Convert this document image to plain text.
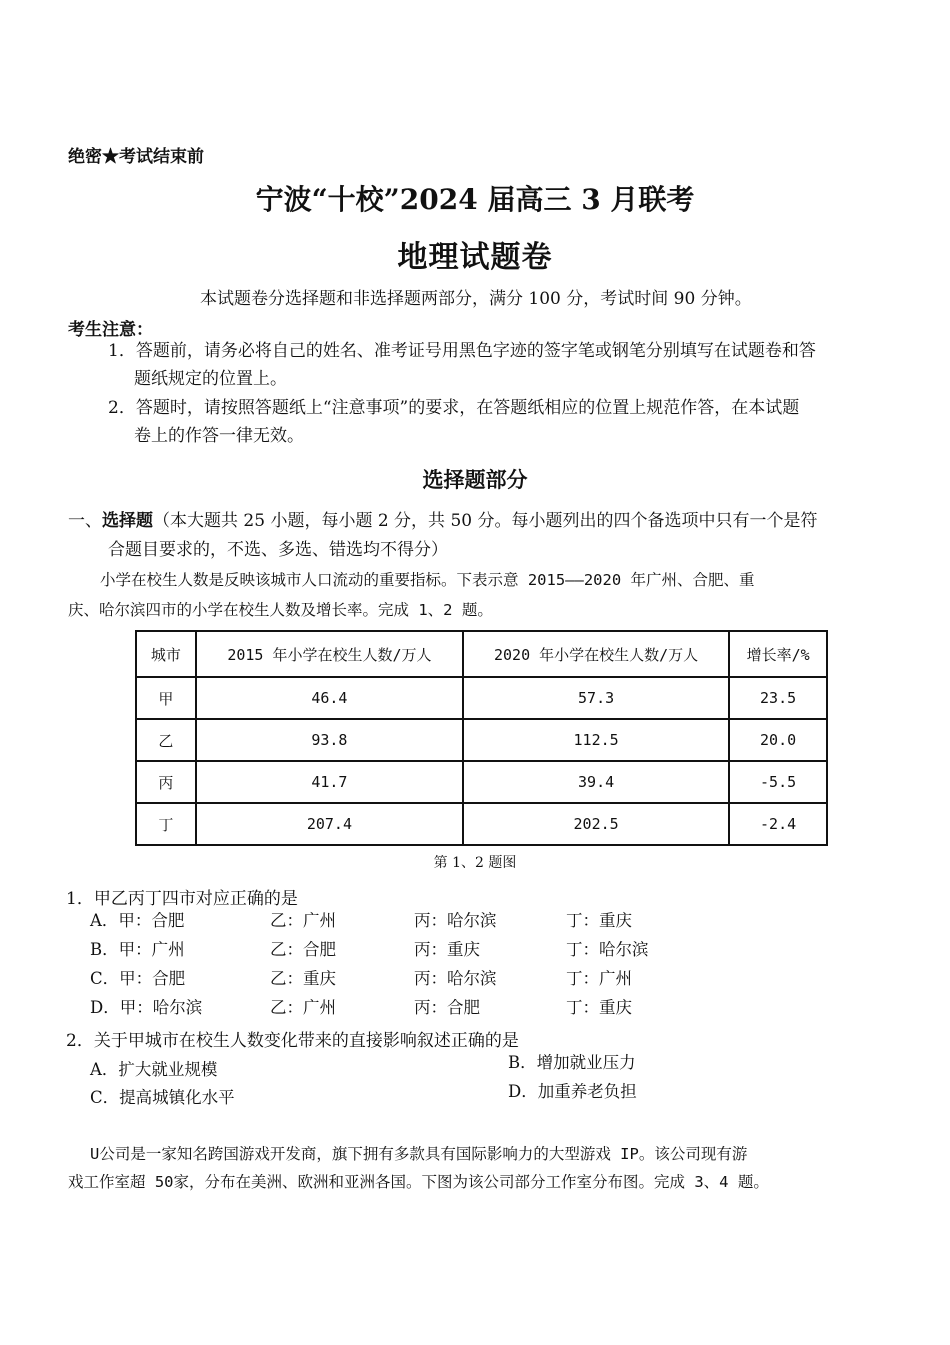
绝密★考试结束前
宁波“十校”2024 届高三 3 月联考
地理试题卷
本试题卷分选择题和非选择题两部分，满分 100 分，考试时间 90 分钟。
考生注意：
1．答题前，请务必将自己的姓名、准考证号用黑色字迹的签字笔或钢笔分别填写在试题卷和答
题纸规定的位置上。
2．答题时，请按照答题纸上“注意事项”的要求，在答题纸相应的位置上规范作答，在本试题
卷上的作答一律无效。
选择题部分
一、选择题（本大题共 25 小题，每小题 2 分，共 50 分。每小题列出的四个备选项中只有一个是符
合题目要求的，不选、多选、错选均不得分）
小学在校生人数是反映该城市人口流动的重要指标。下表示意 2015——2020 年广州、合肥、重
庆、哈尔滨四市的小学在校生人数及增长率。完成 1、2 题。
城市	2015 年小学在校生人数/万人	2020 年小学在校生人数/万人	增长率/%
甲	46.4	57.3	23.5
乙	93.8	112.5	20.0
丙	41.7	39.4	-5.5
丁	207.4	202.5	-2.4
第 1、2 题图
1．甲乙丙丁四市对应正确的是
A．甲：合肥	乙：广州	丙：哈尔滨	丁：重庆
B．甲：广州	乙：合肥	丙：重庆	丁：哈尔滨
C．甲：合肥	乙：重庆	丙：哈尔滨	丁：广州
D．甲：哈尔滨	乙：广州	丙：合肥	丁：重庆
2．关于甲城市在校生人数变化带来的直接影响叙述正确的是
A．扩大就业规模	B．增加就业压力
C．提高城镇化水平	D．加重养老负担
U公司是一家知名跨国游戏开发商，旗下拥有多款具有国际影响力的大型游戏 IP。该公司现有游
戏工作室超 50家，分布在美洲、欧洲和亚洲各国。下图为该公司部分工作室分布图。完成 3、4 题。
